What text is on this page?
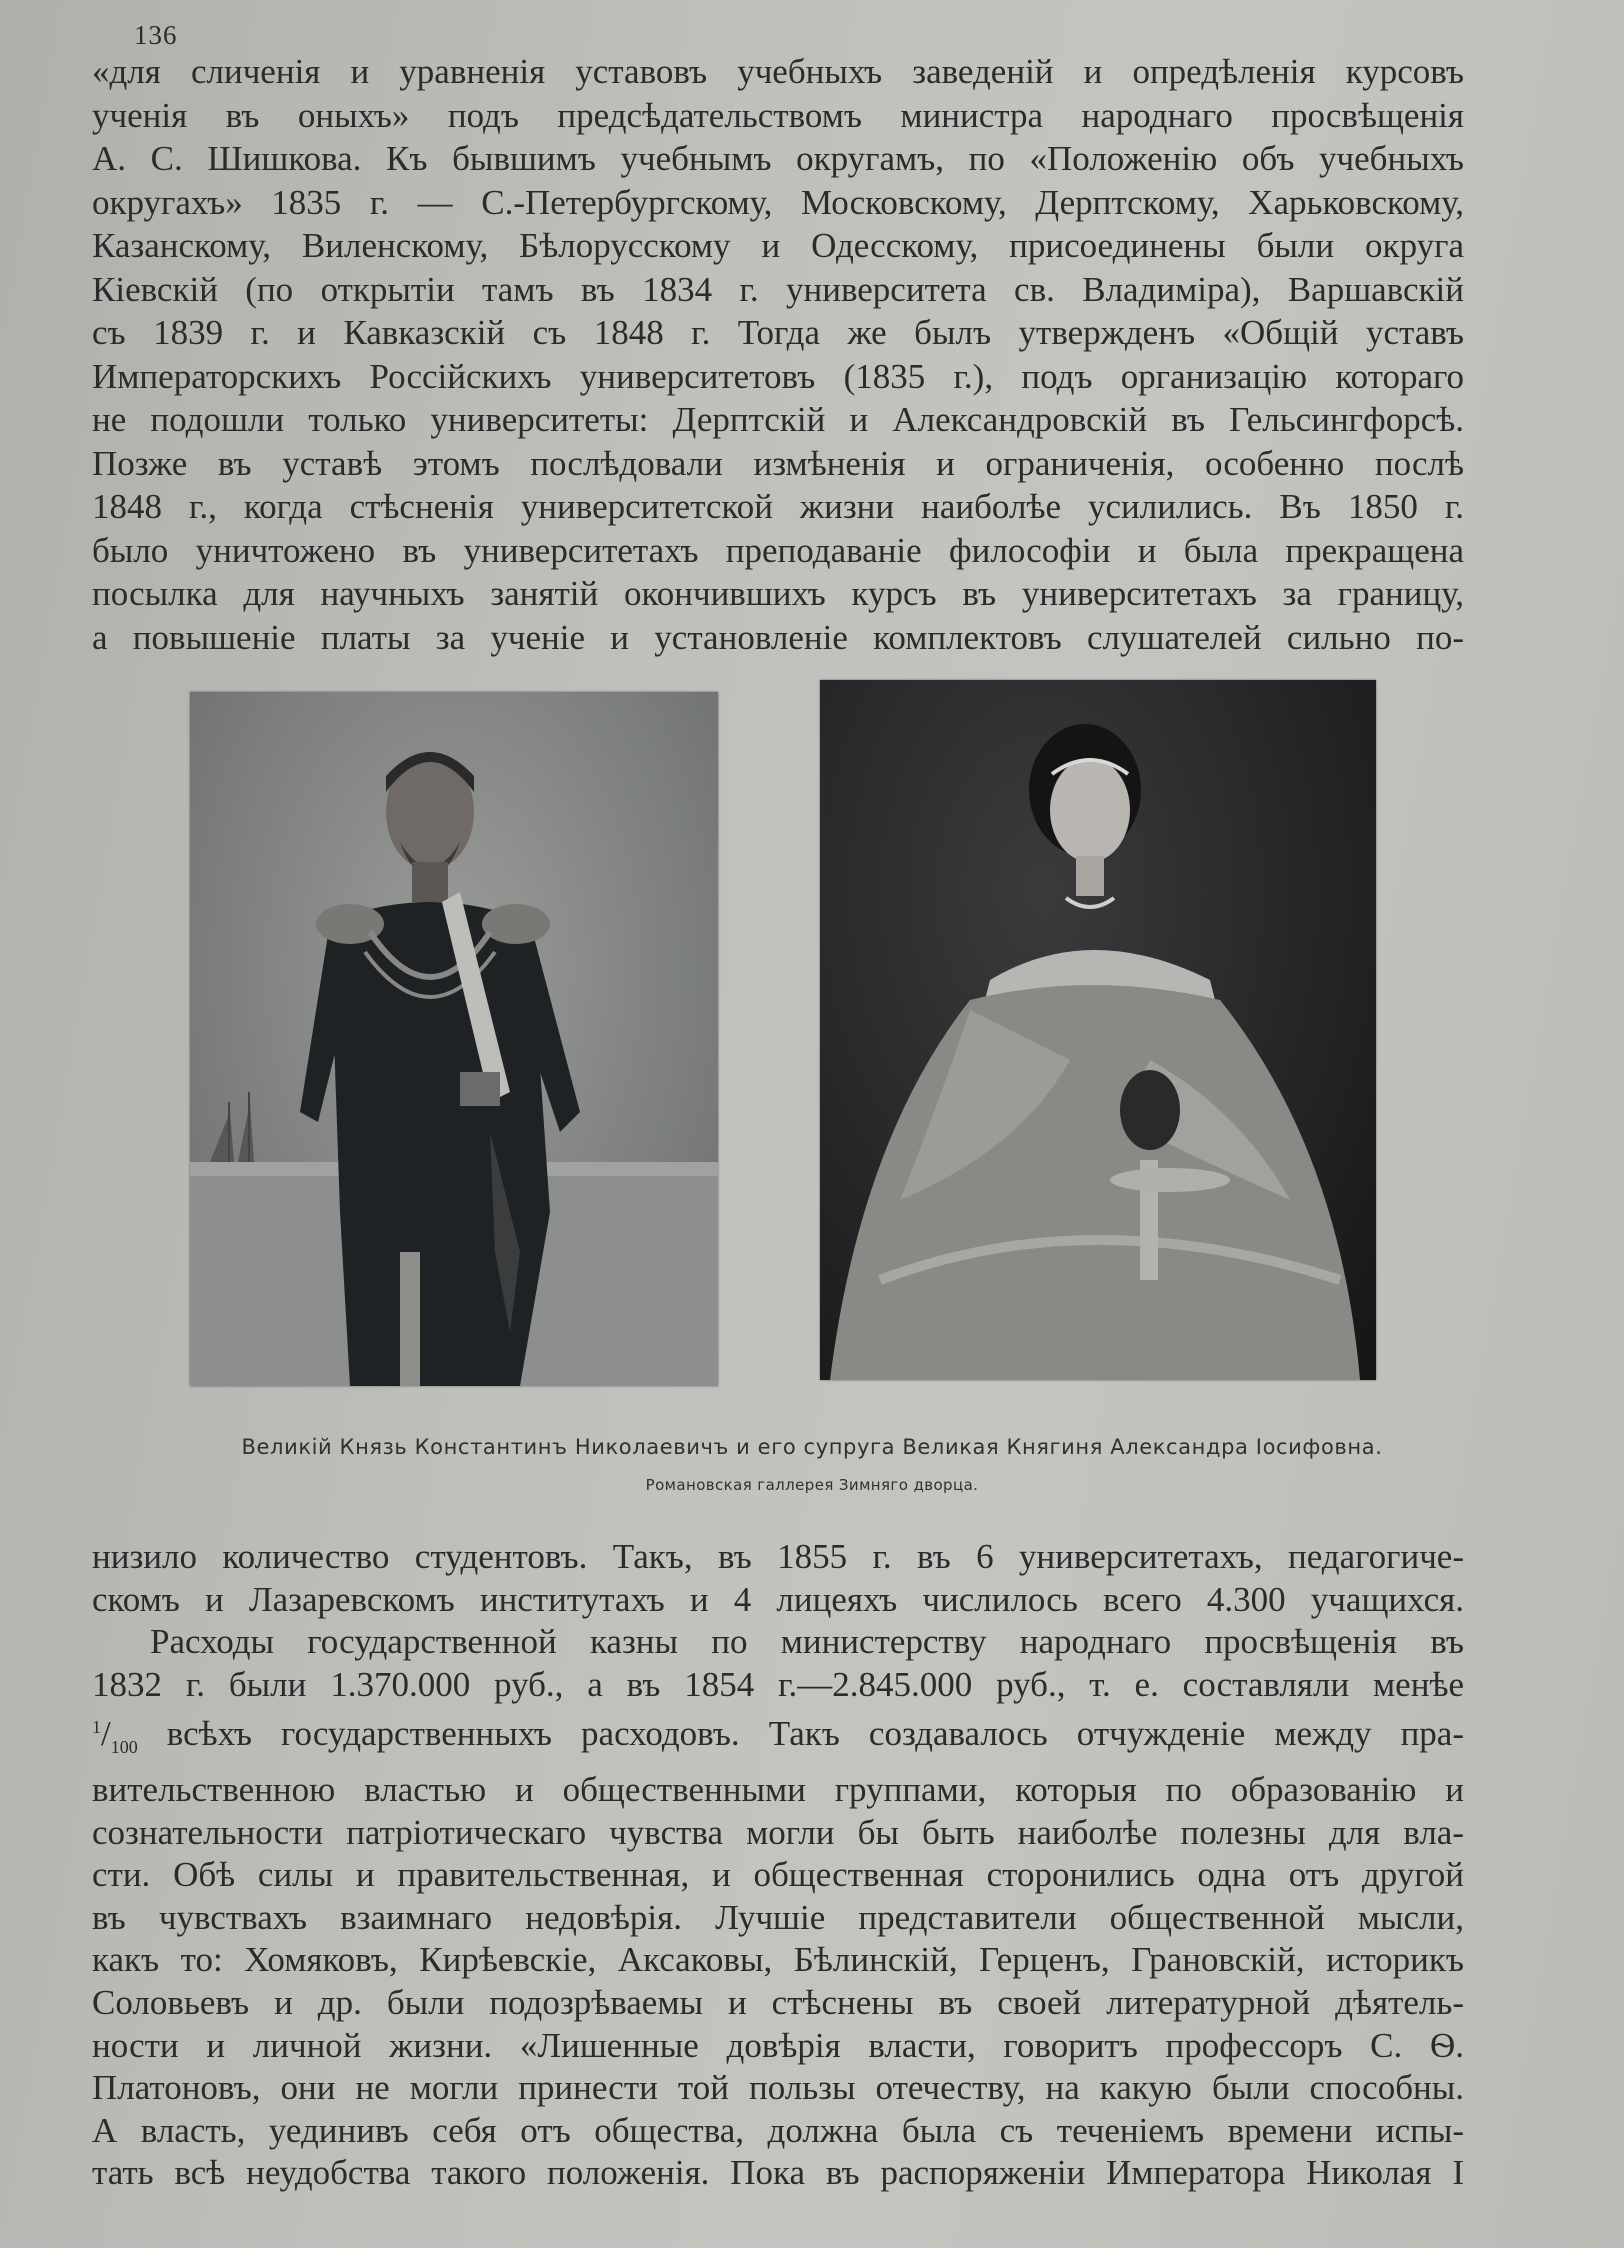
136

«для сличенія и уравненія уставовъ учебныхъ заведеній и опредѣленія курсовъ
ученія въ оныхъ» подъ предсѣдательствомъ министра народнаго просвѣщенія
А. С. Шишкова. Къ бывшимъ учебнымъ округамъ, по «Положенію объ учебныхъ
округахъ» 1835 г. — С.-Петербургскому, Московскому, Дерптскому, Харьковскому,
Казанскому, Виленскому, Бѣлорусскому и Одесскому, присоединены были округа
Кіевскій (по открытіи тамъ въ 1834 г. университета св. Владиміра), Варшавскій
съ 1839 г. и Кавказскій съ 1848 г. Тогда же былъ утвержденъ «Общій уставъ
Императорскихъ Россійскихъ университетовъ (1835 г.), подъ организацію котораго
не подошли только университеты: Дерптскій и Александровскій въ Гельсингфорсѣ.
Позже въ уставѣ этомъ послѣдовали измѣненія и ограниченія, особенно послѣ
1848 г., когда стѣсненія университетской жизни наиболѣе усилились. Въ 1850 г.
было уничтожено въ университетахъ преподаваніе философіи и была прекращена
посылка для научныхъ занятій окончившихъ курсъ въ университетахъ за границу,
а повышеніе платы за ученіе и установленіе комплектовъ слушателей сильно по-

Великій Князь Константинъ Николаевичъ и его супруга Великая Княгиня Александра Іосифовна.
Романовская галлерея Зимняго дворца.

низило количество студентовъ. Такъ, въ 1855 г. въ 6 университетахъ, педагогиче-
скомъ и Лазаревскомъ институтахъ и 4 лицеяхъ числилось всего 4.300 учащихся.
Расходы государственной казны по министерству народнаго просвѣщенія въ
1832 г. были 1.370.000 руб., а въ 1854 г.—2.845.000 руб., т. е. составляли менѣе
$^1/_{100}$ всѣхъ государственныхъ расходовъ. Такъ создавалось отчужденіе между пра-
вительственною властью и общественными группами, которыя по образованію и
сознательности патріотическаго чувства могли бы быть наиболѣе полезны для вла-
сти. Обѣ силы и правительственная, и общественная сторонились одна отъ другой
въ чувствахъ взаимнаго недовѣрія. Лучшіе представители общественной мысли,
какъ то: Хомяковъ, Кирѣевскіе, Аксаковы, Бѣлинскій, Герценъ, Грановскій, историкъ
Соловьевъ и др. были подозрѣваемы и стѣснены въ своей литературной дѣятель-
ности и личной жизни. «Лишенные довѣрія власти, говоритъ профессоръ С. Ѳ.
Платоновъ, они не могли принести той пользы отечеству, на какую были способны.
А власть, уединивъ себя отъ общества, должна была съ теченіемъ времени испы-
тать всѣ неудобства такого положенія. Пока въ распоряженіи Императора Николая I
